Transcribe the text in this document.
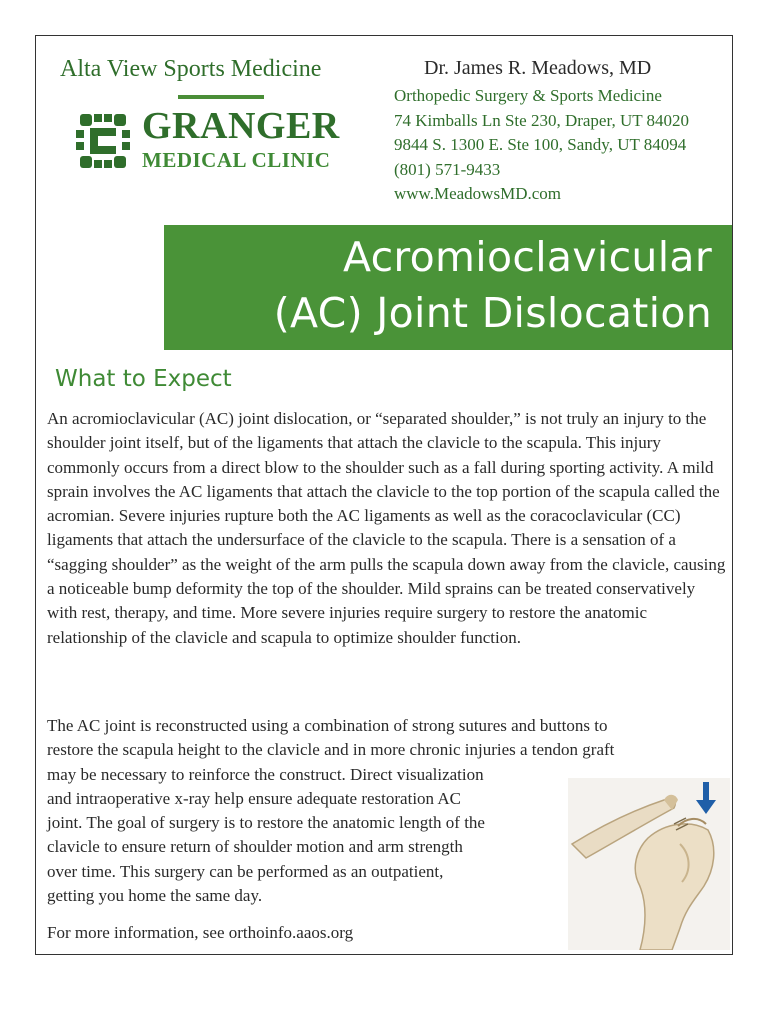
Alta View Sports Medicine
GRANGER
MEDICAL CLINIC
Dr. James R. Meadows, MD
Orthopedic Surgery & Sports Medicine
74 Kimballs Ln Ste 230, Draper, UT 84020
9844 S. 1300 E. Ste 100, Sandy, UT 84094
(801) 571-9433
www.MeadowsMD.com
Acromioclavicular
(AC) Joint Dislocation
What to Expect
An acromioclavicular (AC) joint dislocation, or “separated shoulder,” is not truly an injury to the shoulder joint itself, but of the ligaments that attach the clavicle to the scapula. This injury commonly occurs from a direct blow to the shoulder such as a fall during sporting activity. A mild sprain involves the AC ligaments that attach the clavicle to the top portion of the scapula called the acromian. Severe injuries rupture both the AC ligaments as well as the coracoclavicular (CC) ligaments that attach the undersurface of the clavicle to the scapula. There is a sensation of a “sagging shoulder” as the weight of the arm pulls the scapula down away from the clavicle, causing a noticeable bump deformity the top of the shoulder. Mild sprains can be treated conservatively with rest, therapy, and time. More severe injuries require surgery to restore the anatomic relationship of the clavicle and scapula to optimize shoulder function.
The AC joint is reconstructed using a combination of strong sutures and buttons to
restore the scapula height to the clavicle and in more chronic injuries a tendon graft
may be necessary to reinforce the construct. Direct visualization
and intraoperative x-ray help ensure adequate restoration AC
joint. The goal of surgery is to restore the anatomic length of the
clavicle to ensure return of shoulder motion and arm strength
over time. This surgery can be performed as an outpatient,
getting you home the same day.
For more information, see orthoinfo.aaos.org
